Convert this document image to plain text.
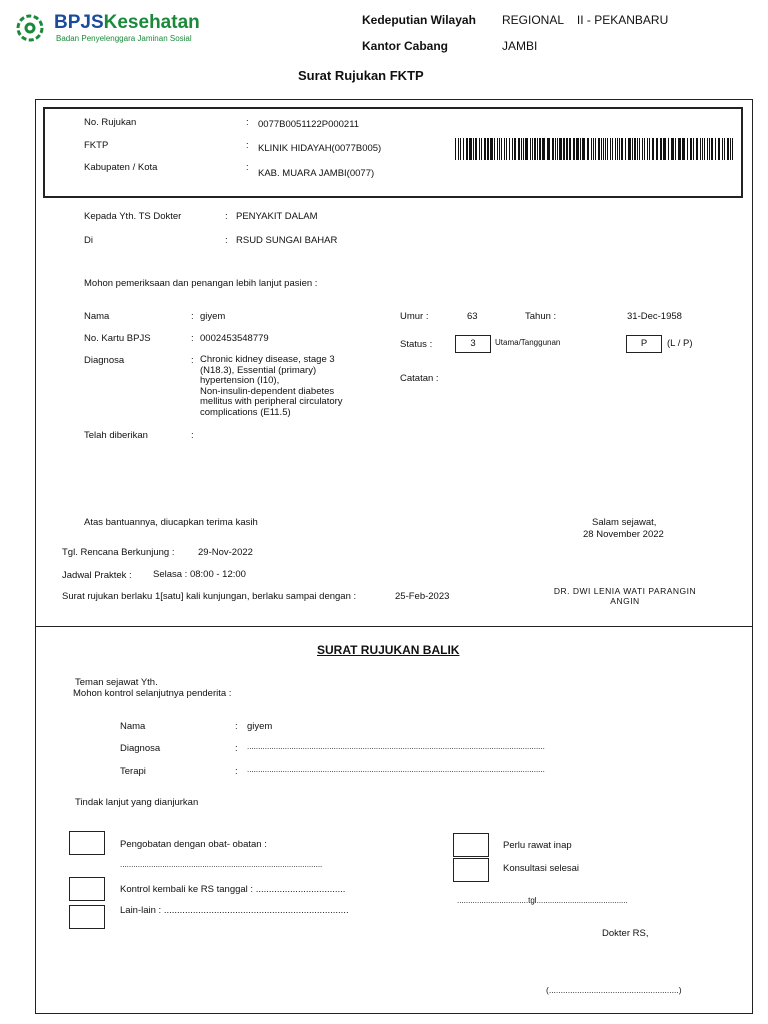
BPJSKesehatan
Badan Penyelenggara Jaminan Sosial
Kedeputian Wilayah REGIONAL    II - PEKANBARU
Kantor Cabang	JAMBI
Surat Rujukan FKTP
No. Rujukan	: 0077B0051122P000211
FKTP	: KLINIK HIDAYAH(0077B005)
Kabupaten / Kota	:
KAB. MUARA JAMBI(0077)
Kepada Yth. TS Dokter	: PENYAKIT DALAM
Di	: RSUD SUNGAI BAHAR
Mohon pemeriksaan dan penangan lebih lanjut pasien :
Nama	: giyem
No. Kartu BPJS	: 0002453548779
Diagnosa	: Chronic kidney disease, stage 3
(N18.3), Essential (primary)
hypertension (I10),
Non-insulin-dependent diabetes
mellitus with peripheral circulatory
complications (E11.5)
Telah diberikan	:
Umur :	63	Tahun :	31-Dec-1958
Status :	3	Utama/Tanggunan	P	(L / P)
Catatan :
Atas bantuannya, diucapkan terima kasih	Salam sejawat,
28 November 2022
Tgl. Rencana Berkunjung : 29-Nov-2022
Jadwal Praktek : Selasa : 08:00 - 12:00
Surat rujukan berlaku 1[satu] kali kunjungan, berlaku sampai dengan :	25-Feb-2023	DR. DWI LENIA WATI PARANGIN
ANGIN
SURAT RUJUKAN BALIK
Teman sejawat Yth.
Mohon kontrol selanjutnya penderita :
Nama	: giyem
Diagnosa	: ......................................................................................................................................
Terapi	: ......................................................................................................................................
Tindak lanjut yang dianjurkan
Pengobatan dengan obat- obatan :
...........................................................................................
Kontrol kembali ke RS tanggal : ..................................
Lain-lain : ......................................................................
Perlu rawat inap
Konsultasi selesai
................................tgl.........................................
Dokter RS,
(.......................................................)
